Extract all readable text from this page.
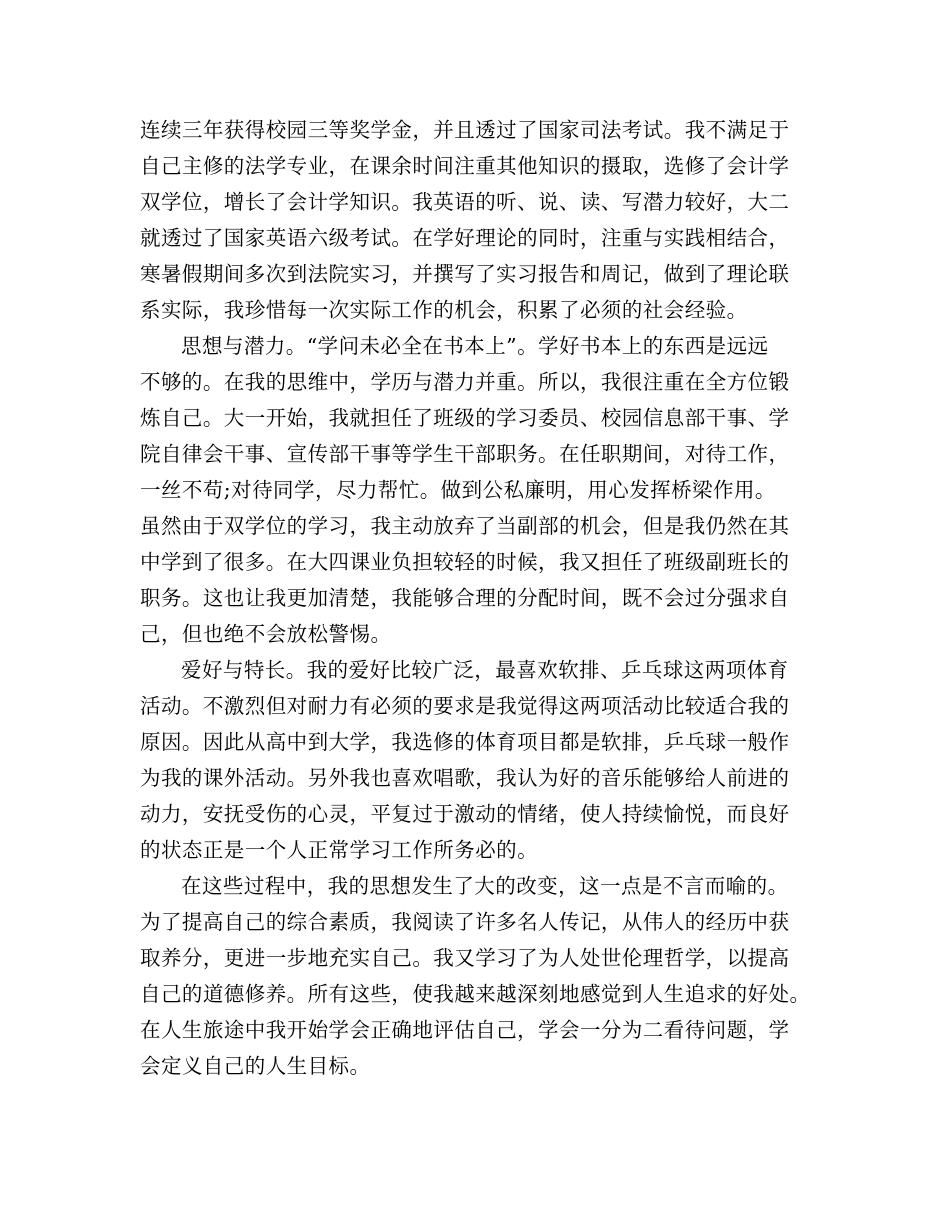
连续三年获得校园三等奖学金，并且透过了国家司法考试。我不满足于
自己主修的法学专业，在课余时间注重其他知识的摄取，选修了会计学
双学位，增长了会计学知识。我英语的听、说、读、写潜力较好，大二
就透过了国家英语六级考试。在学好理论的同时，注重与实践相结合，
寒暑假期间多次到法院实习，并撰写了实习报告和周记，做到了理论联
系实际，我珍惜每一次实际工作的机会，积累了必须的社会经验。
思想与潜力。“学问未必全在书本上”。学好书本上的东西是远远
不够的。在我的思维中，学历与潜力并重。所以，我很注重在全方位锻
炼自己。大一开始，我就担任了班级的学习委员、校园信息部干事、学
院自律会干事、宣传部干事等学生干部职务。在任职期间，对待工作，
一丝不苟;对待同学，尽力帮忙。做到公私廉明，用心发挥桥梁作用。
虽然由于双学位的学习，我主动放弃了当副部的机会，但是我仍然在其
中学到了很多。在大四课业负担较轻的时候，我又担任了班级副班长的
职务。这也让我更加清楚，我能够合理的分配时间，既不会过分强求自
己，但也绝不会放松警惕。
爱好与特长。我的爱好比较广泛，最喜欢软排、乒乓球这两项体育
活动。不激烈但对耐力有必须的要求是我觉得这两项活动比较适合我的
原因。因此从高中到大学，我选修的体育项目都是软排，乒乓球一般作
为我的课外活动。另外我也喜欢唱歌，我认为好的音乐能够给人前进的
动力，安抚受伤的心灵，平复过于激动的情绪，使人持续愉悦，而良好
的状态正是一个人正常学习工作所务必的。
在这些过程中，我的思想发生了大的改变，这一点是不言而喻的。
为了提高自己的综合素质，我阅读了许多名人传记，从伟人的经历中获
取养分，更进一步地充实自己。我又学习了为人处世伦理哲学，以提高
自己的道德修养。所有这些，使我越来越深刻地感觉到人生追求的好处。
在人生旅途中我开始学会正确地评估自己，学会一分为二看待问题，学
会定义自己的人生目标。
